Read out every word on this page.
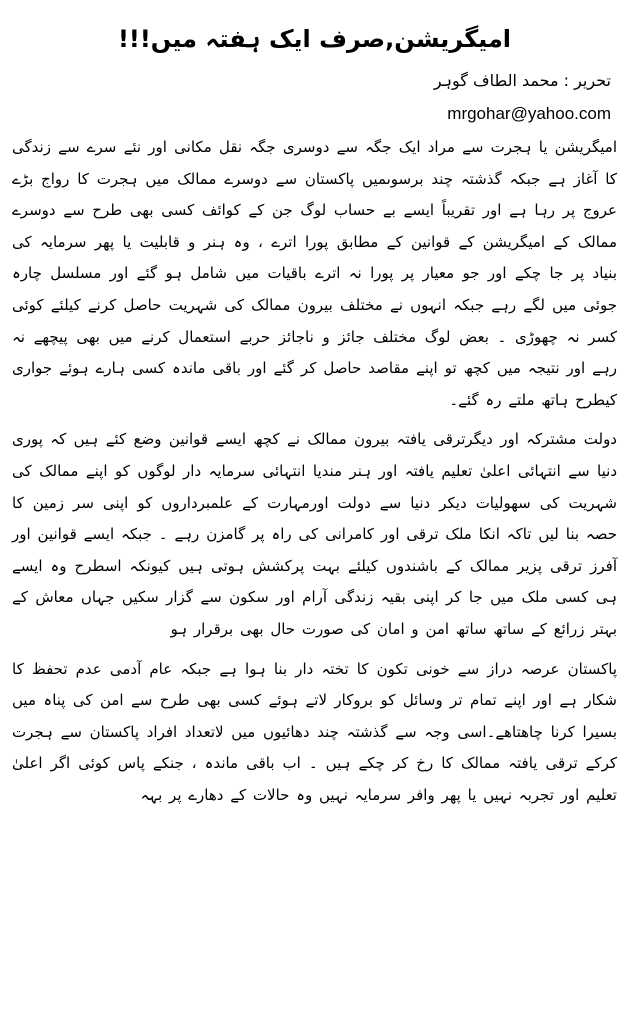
امیگریشن,صرف ایک ہفتہ میں!!!
تحریر : محمد الطاف گوہر
mrgohar@yahoo.com

امیگریشن یا ہجرت سے مراد ایک جگہ سے دوسری جگہ نقل مکانی اور نئے سرے سے زندگی کا آغاز ہے جبکہ گذشتہ چند برسوںمیں پاکستان سے دوسرے ممالک میں ہجرت کا رواج بڑے عروج پر رہا ہے اور تقریباً ایسے بے حساب لوگ جن کے کوائف کسی بھی طرح سے دوسرے ممالک کے امیگریشن کے قوانین کے مطابق پورا اترے ، وہ ہنر و قابلیت یا پھر سرمایہ کی بنیاد پر جا چکے اور جو معیار پر پورا نہ اترے باقیات میں شامل ہو گئے اور مسلسل چارہ جوئی میں لگے رہے جبکہ انہوں نے مختلف بیرون ممالک کی شہریت حاصل کرنے کیلئے کوئی کسر نہ چھوڑی ۔ بعض لوگ مختلف جائز و ناجائز حربے استعمال کرنے میں بھی پیچھے نہ رہے اور نتیجہ میں کچھ تو اپنے مقاصد حاصل کر گئے اور باقی ماندہ کسی ہارے ہوئے جواری کیطرح ہاتھ ملتے رہ گئے۔

دولت مشترکہ اور دیگرترقی یافتہ بیرون ممالک نے کچھ ایسے قوانین وضع کئے ہیں کہ پوری دنیا سے انتہائی اعلیٰ تعلیم یافتہ اور ہنر مندیا انتہائی سرمایہ دار لوگوں کو اپنے ممالک کی شہریت کی سھولیات دیکر دنیا سے دولت اورمہارت کے علمبرداروں کو اپنی سر زمین کا حصہ بنا لیں تاکہ انکا ملک ترقی اور کامرانی کی راہ پر گامزن رہے ۔ جبکہ ایسے قوانین اور آفرز ترقی پزیر ممالک کے باشندوں کیلئے بہت پرکشش ہوتی ہیں کیونکہ اسطرح وہ ایسے ہی کسی ملک میں جا کر اپنی بقیہ زندگی آرام اور سکون سے گزار سکیں جہاں معاش کے بہتر زرائع کے ساتھ ساتھ امن و امان کی صورت حال بھی برقرار ہو

پاکستان عرصہ دراز سے خونی تکون کا تختہ دار بنا ہوا ہے جبکہ عام آدمی عدم تحفظ کا شکار ہے اور اپنے تمام تر وسائل کو بروکار لاتے ہوئے کسی بھی طرح سے امن کی پناہ میں بسیرا کرنا چاھتاھے۔اسی وجہ سے گذشتہ چند دھائیوں میں لاتعداد افراد پاکستان سے ہجرت کرکے ترقی یافتہ ممالک کا رخ کر چکے ہیں ۔ اب باقی ماندہ ، جنکے پاس کوئی اگر اعلیٰ تعلیم اور تجربہ نہیں یا پھر وافر سرمایہ نہیں وہ حالات کے دھارے پر بہہ
